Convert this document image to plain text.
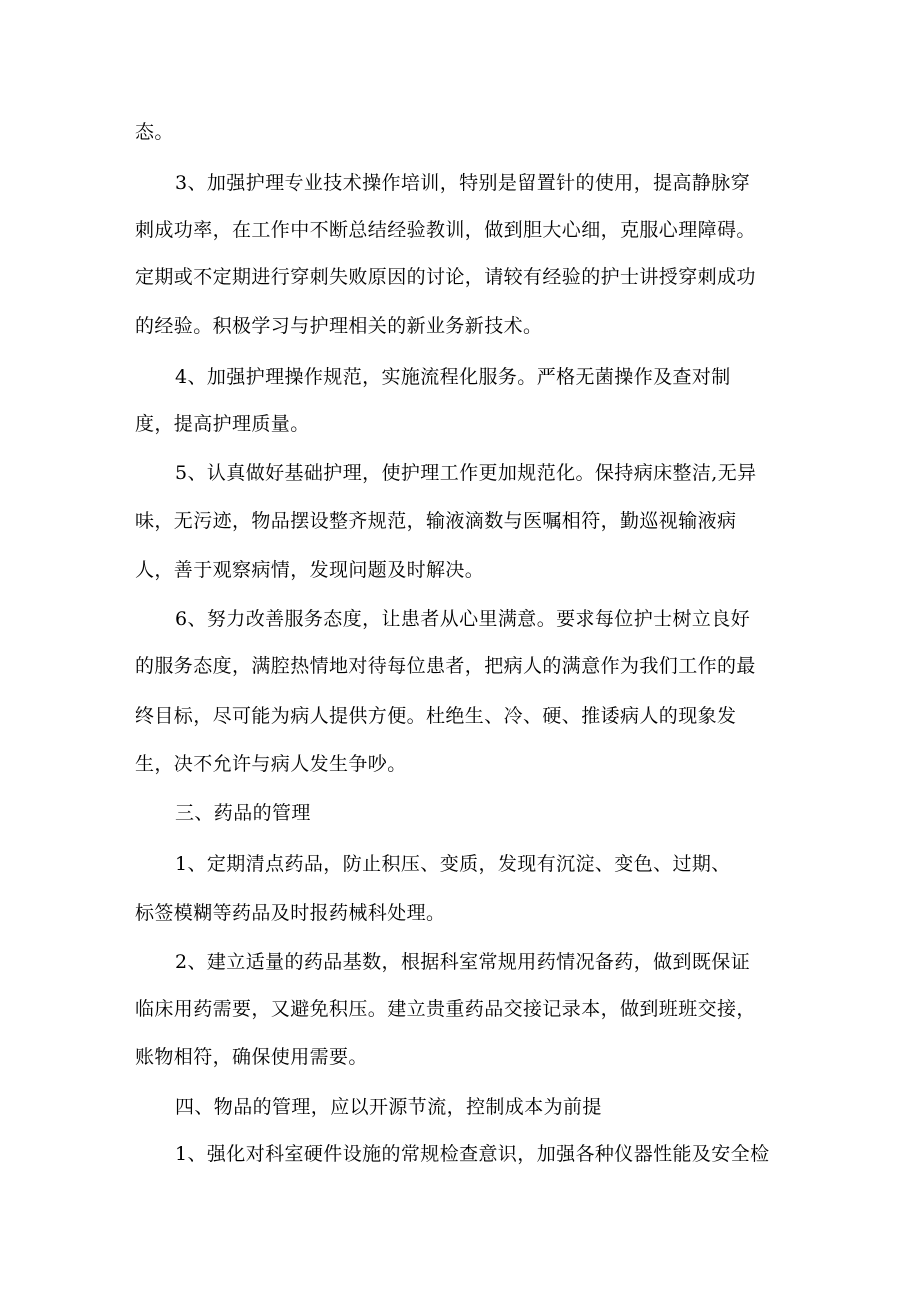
态。
3、加强护理专业技术操作培训，特别是留置针的使用，提高静脉穿
刺成功率，在工作中不断总结经验教训，做到胆大心细，克服心理障碍。
定期或不定期进行穿刺失败原因的讨论，请较有经验的护士讲授穿刺成功
的经验。积极学习与护理相关的新业务新技术。
4、加强护理操作规范，实施流程化服务。严格无菌操作及查对制
度，提高护理质量。
5、认真做好基础护理，使护理工作更加规范化。保持病床整洁,无异
味，无污迹，物品摆设整齐规范，输液滴数与医嘱相符，勤巡视输液病
人，善于观察病情，发现问题及时解决。
6、努力改善服务态度，让患者从心里满意。要求每位护士树立良好
的服务态度，满腔热情地对待每位患者，把病人的满意作为我们工作的最
终目标，尽可能为病人提供方便。杜绝生、冷、硬、推诿病人的现象发
生，决不允许与病人发生争吵。
三、药品的管理
1、定期清点药品，防止积压、变质，发现有沉淀、变色、过期、
标签模糊等药品及时报药械科处理。
2、建立适量的药品基数，根据科室常规用药情况备药，做到既保证
临床用药需要，又避免积压。建立贵重药品交接记录本，做到班班交接，
账物相符，确保使用需要。
四、物品的管理，应以开源节流，控制成本为前提
1、强化对科室硬件设施的常规检查意识，加强各种仪器性能及安全检
